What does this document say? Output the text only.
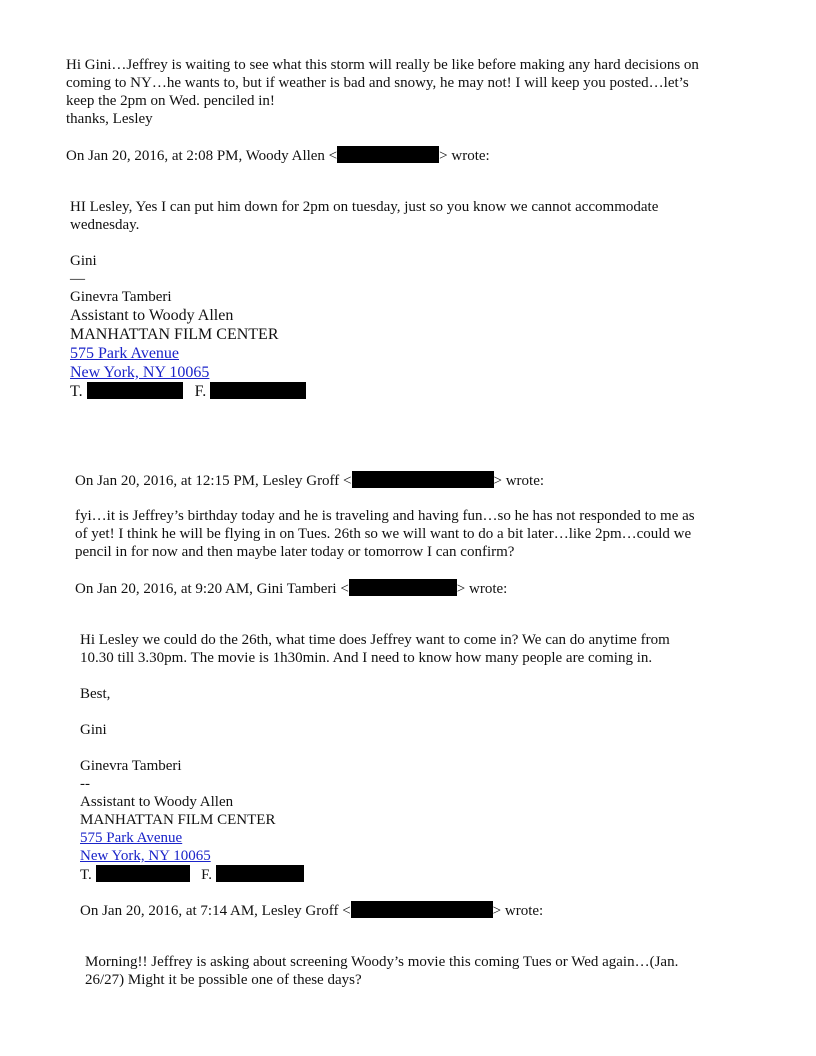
Hi Gini…Jeffrey is waiting to see what this storm will really be like before making any hard decisions on
coming to NY…he wants to, but if weather is bad and snowy, he may not! I will keep you posted…let’s
keep the 2pm on Wed. penciled in!
thanks, Lesley
On Jan 20, 2016, at 2:08 PM, Woody Allen <	> wrote:
HI Lesley, Yes I can put him down for 2pm on tuesday, just so you know we cannot accommodate
wednesday.
Gini
—
Ginevra Tamberi
Assistant to Woody Allen
MANHATTAN FILM CENTER
575 Park Avenue
New York, NY 10065
T.	F.
On Jan 20, 2016, at 12:15 PM, Lesley Groff <	> wrote:
fyi…it is Jeffrey’s birthday today and he is traveling and having fun…so he has not responded to me as
of yet! I think he will be flying in on Tues. 26th so we will want to do a bit later…like 2pm…could we
pencil in for now and then maybe later today or tomorrow I can confirm?
On Jan 20, 2016, at 9:20 AM, Gini Tamberi <	> wrote:
Hi Lesley we could do the 26th, what time does Jeffrey want to come in? We can do anytime from
10.30 till 3.30pm. The movie is 1h30min. And I need to know how many people are coming in.
Best,
Gini
Ginevra Tamberi
--
Assistant to Woody Allen
MANHATTAN FILM CENTER
575 Park Avenue
New York, NY 10065
T.	F.
On Jan 20, 2016, at 7:14 AM, Lesley Groff <	> wrote:
Morning!! Jeffrey is asking about screening Woody’s movie this coming Tues or Wed again…(Jan.
26/27) Might it be possible one of these days?
